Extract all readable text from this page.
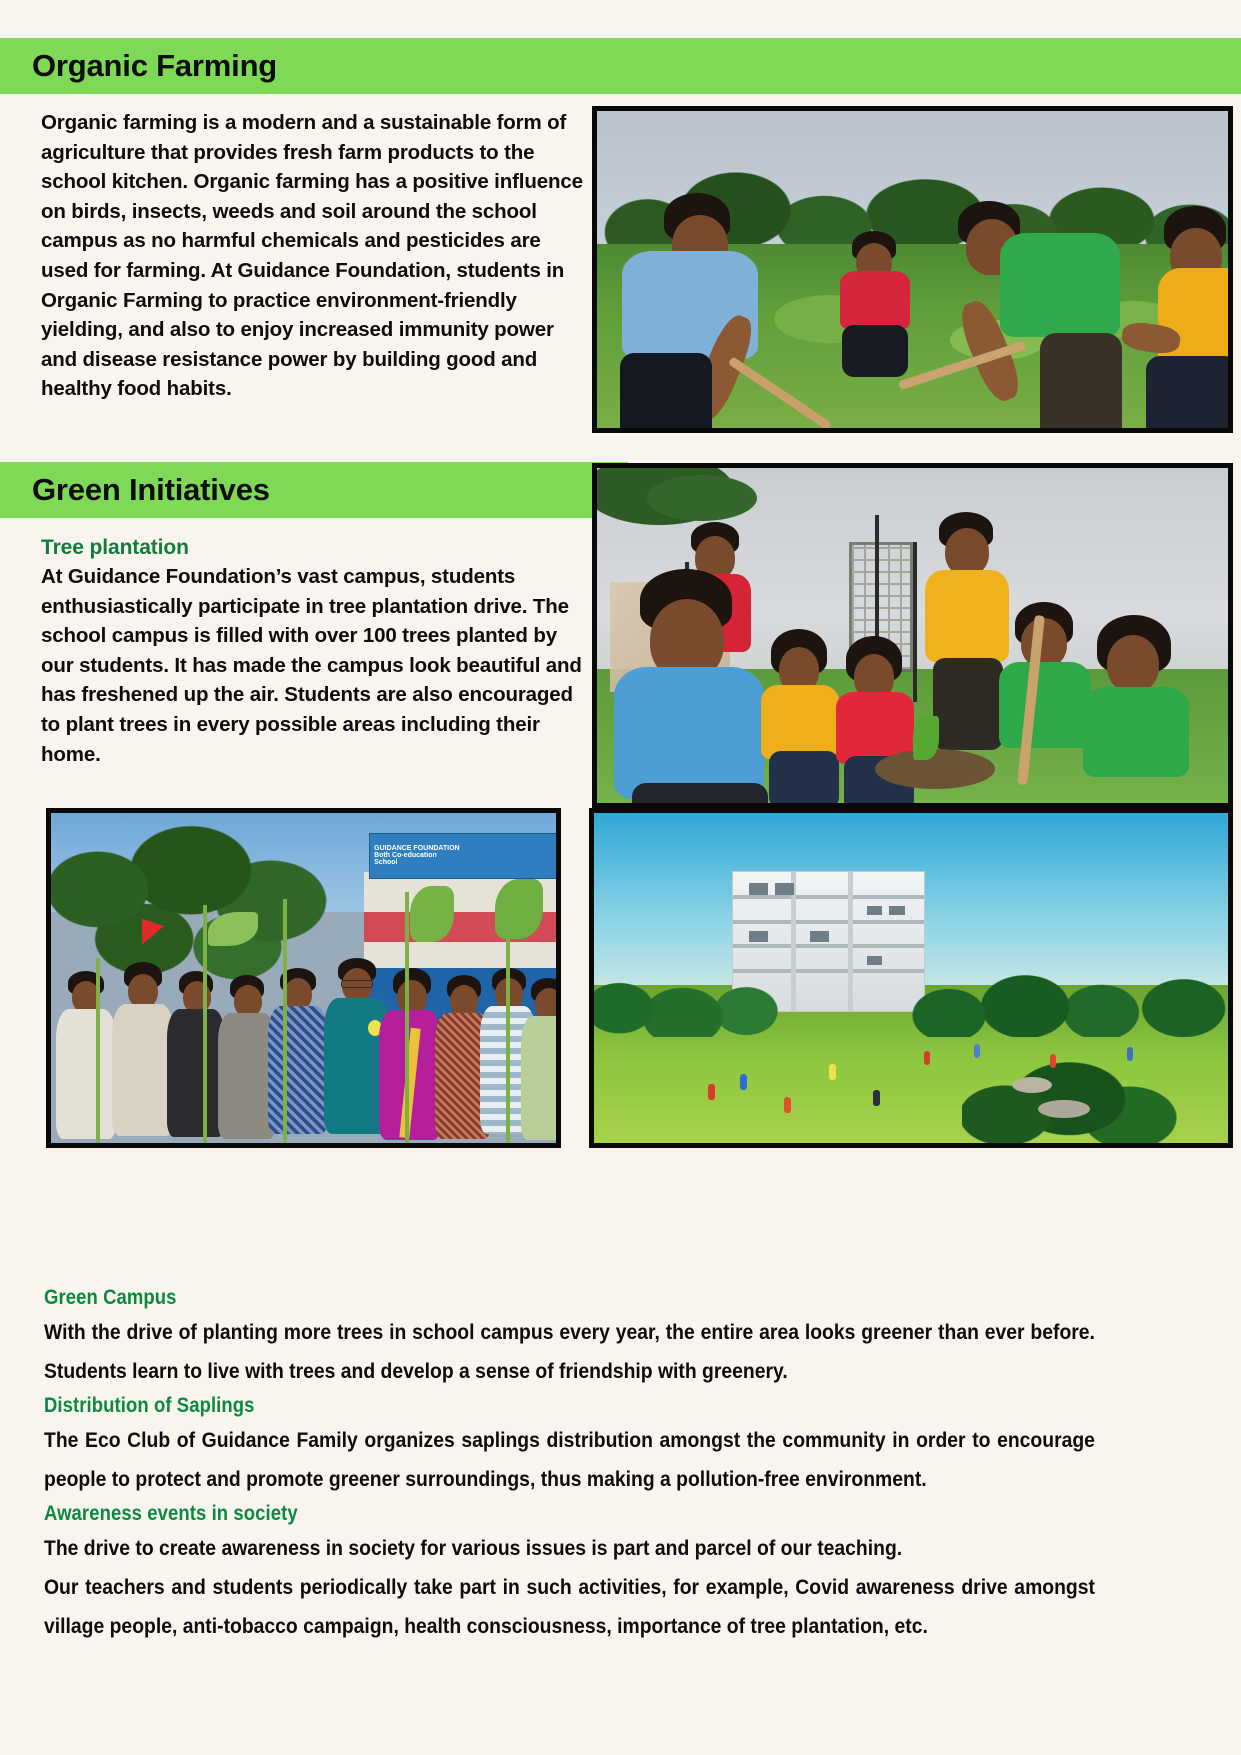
Organic Farming

Organic farming is a modern and a sustainable form of agriculture that provides fresh farm products to the school kitchen. Organic farming has a positive influence on birds, insects, weeds and soil around the school campus as no harmful chemicals and pesticides are used for farming. At Guidance Foundation, students in Organic Farming to practice environment-friendly yielding, and also to enjoy increased immunity power and disease resistance power by building good and healthy food habits.

Green Initiatives
Tree plantation

At Guidance Foundation’s vast campus, students enthusiastically participate in tree plantation drive. The school campus is filled with over 100 trees planted by our students. It has made the campus look beautiful and has freshened up the air. Students are also encouraged to plant trees in every possible areas including their home.

GUIDANCE FOUNDATION
Both Co-education
School
Green Campus

With the drive of planting more trees in school campus every year, the entire area looks greener than ever before. Students learn to live with trees and develop a sense of friendship with greenery.

Distribution of Saplings

The Eco Club of Guidance Family organizes saplings distribution amongst the community in order to encourage people to protect and promote greener surroundings, thus making a pollution-free environment.

Awareness events in society

The drive to create awareness in society for various issues is part and parcel of our teaching.

Our teachers and students periodically take part in such activities, for example, Covid awareness drive amongst village people, anti-tobacco campaign, health consciousness, importance of tree plantation, etc.
